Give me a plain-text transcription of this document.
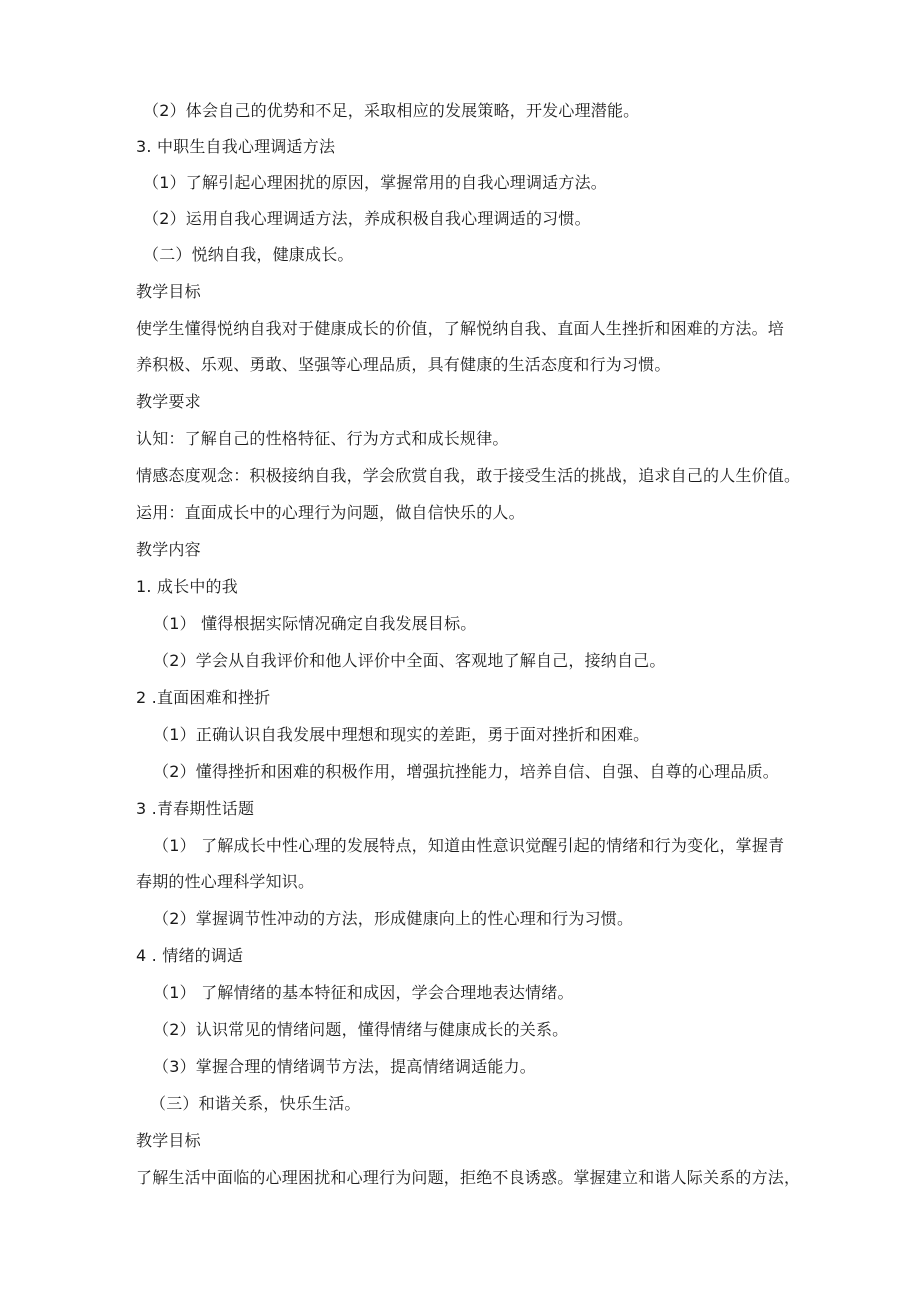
（2）体会自己的优势和不足，采取相应的发展策略，开发心理潜能。
3. 中职生自我心理调适方法
（1）了解引起心理困扰的原因，掌握常用的自我心理调适方法。
（2）运用自我心理调适方法，养成积极自我心理调适的习惯。
（二）悦纳自我，健康成长。
教学目标
使学生懂得悦纳自我对于健康成长的价值，了解悦纳自我、直面人生挫折和困难的方法。培
养积极、乐观、勇敢、坚强等心理品质，具有健康的生活态度和行为习惯。
教学要求
认知：了解自己的性格特征、行为方式和成长规律。
情感态度观念：积极接纳自我，学会欣赏自我，敢于接受生活的挑战，追求自己的人生价值。
运用：直面成长中的心理行为问题，做自信快乐的人。
教学内容
1. 成长中的我
（1） 懂得根据实际情况确定自我发展目标。
（2）学会从自我评价和他人评价中全面、客观地了解自己，接纳自己。
2 .直面困难和挫折
（1）正确认识自我发展中理想和现实的差距，勇于面对挫折和困难。
（2）懂得挫折和困难的积极作用，增强抗挫能力，培养自信、自强、自尊的心理品质。
3 .青春期性话题
（1） 了解成长中性心理的发展特点，知道由性意识觉醒引起的情绪和行为变化，掌握青
春期的性心理科学知识。
（2）掌握调节性冲动的方法，形成健康向上的性心理和行为习惯。
4 . 情绪的调适
（1） 了解情绪的基本特征和成因，学会合理地表达情绪。
（2）认识常见的情绪问题，懂得情绪与健康成长的关系。
（3）掌握合理的情绪调节方法，提高情绪调适能力。
（三）和谐关系，快乐生活。
教学目标
了解生活中面临的心理困扰和心理行为问题，拒绝不良诱惑。掌握建立和谐人际关系的方法，
